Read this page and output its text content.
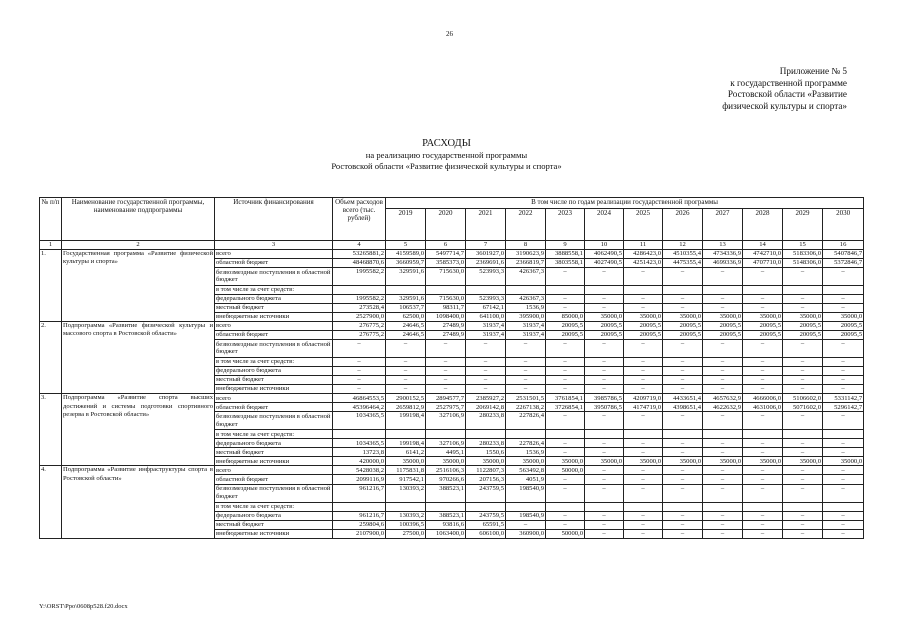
26
Приложение № 5
к государственной программе
Ростовской области «Развитие
физической культуры и спорта»
РАСХОДЫ
на реализацию государственной программы
Ростовской области «Развитие физической культуры и спорта»
№ п/п	Наименование государственной программы, наименование подпрограммы	Источник финансирования	Объем расходов всего (тыс. рублей)	В том числе по годам реализации государственной программы											
				2019	2020	2021	2022	2023	2024	2025	2026	2027	2028	2029	2030
1	2	3	4	5	6	7	8	9	10	11	12	13	14	15	16
1.	Государственная программа «Развитие физической культуры и спорта»	всего	53265881,2	4159589,0	5497714,7	3601927,0	3190623,9	3888558,1	4062490,5	4286423,0	4510355,4	4734336,9	4742710,0	5183306,0	5407846,7
		областной бюджет	48468870,6	3660959,7	3585373,0	2369691,6	2366819,7	3803558,1	4027490,5	4251423,0	4475355,4	4699336,9	4707710,0	5148306,0	5372846,7
		безвозмездные поступления в областной бюджет	1995582,2	329591,6	715630,0	523993,3	426367,3	–	–	–	–	–	–	–	–
		в том числе за счет средств:													
		федерального бюджета	1995582,2	329591,6	715630,0	523993,3	426367,3	–	–	–	–	–	–	–	–
		местный бюджет	273528,4	106537,7	98311,7	67142,1	1536,9	–	–	–	–	–	–	–	–
		внебюджетные источники	2527900,0	62500,0	1098400,0	641100,0	395900,0	85000,0	35000,0	35000,0	35000,0	35000,0	35000,0	35000,0	35000,0
2.	Подпрограмма «Развитие физической культуры и массового спорта в Ростовской области»	всего	276775,2	24646,5	27489,9	31937,4	31937,4	20095,5	20095,5	20095,5	20095,5	20095,5	20095,5	20095,5	20095,5
		областной бюджет	276775,2	24646,5	27489,9	31937,4	31937,4	20095,5	20095,5	20095,5	20095,5	20095,5	20095,5	20095,5	20095,5
		безвозмездные поступления в областной бюджет	–	–	–	–	–	–	–	–	–	–	–	–	–
		в том числе за счет средств:	–	–	–	–	–	–	–	–	–	–	–	–	–
		федерального бюджета	–	–	–	–	–	–	–	–	–	–	–	–	–
		местный бюджет	–	–	–	–	–	–	–	–	–	–	–	–	–
		внебюджетные источники	–	–	–	–	–	–	–	–	–	–	–	–	–
3.	Подпрограмма «Развитие спорта высших достижений и системы подготовки спортивного резерва в Ростовской области»	всего	46864553,5	2900152,5	2894577,7	2385927,2	2531501,5	3761854,1	3985786,5	4209719,0	4433651,4	4657632,9	4666006,0	5106602,0	5331142,7
		областной бюджет	45396464,2	2659812,9	2527975,7	2069142,8	2267138,2	3726854,1	3950786,5	4174719,0	4398651,4	4622632,9	4631006,0	5071602,0	5296142,7
		безвозмездные поступления в областной бюджет	1034365,5	199198,4	327106,9	280233,8	227826,4	–	–	–	–	–	–	–	–
		в том числе за счет средств:													
		федерального бюджета	1034365,5	199198,4	327106,9	280233,8	227826,4	–	–	–	–	–	–	–	–
		местный бюджет	13723,8	6141,2	4495,1	1550,6	1536,9	–	–	–	–	–	–	–	–
		внебюджетные источники	420000,0	35000,0	35000,0	35000,0	35000,0	35000,0	35000,0	35000,0	35000,0	35000,0	35000,0	35000,0	35000,0
4.	Подпрограмма «Развитие инфраструктуры спорта в Ростовской области»	всего	5428038,2	1175831,8	2516106,3	1122807,3	563492,8	50000,0	–	–	–	–	–	–	–
		областной бюджет	2099116,9	917542,1	970266,6	207156,3	4051,9	–	–	–	–	–	–	–	–
		безвозмездные поступления в областной бюджет	961216,7	130393,2	388523,1	243759,5	198540,9	–	–	–	–	–	–	–	–
		в том числе за счет средств:													
		федерального бюджета	961216,7	130393,2	388523,1	243759,5	198540,9	–	–	–	–	–	–	–	–
		местный бюджет	259804,6	100396,5	93816,6	65591,5	–	–	–	–	–	–	–	–	–
		внебюджетные источники	2107900,0	27500,0	1063400,0	606100,0	360900,0	50000,0	–	–	–	–	–	–	–
Y:\ORST\Ppo\0608p528.f20.docx
